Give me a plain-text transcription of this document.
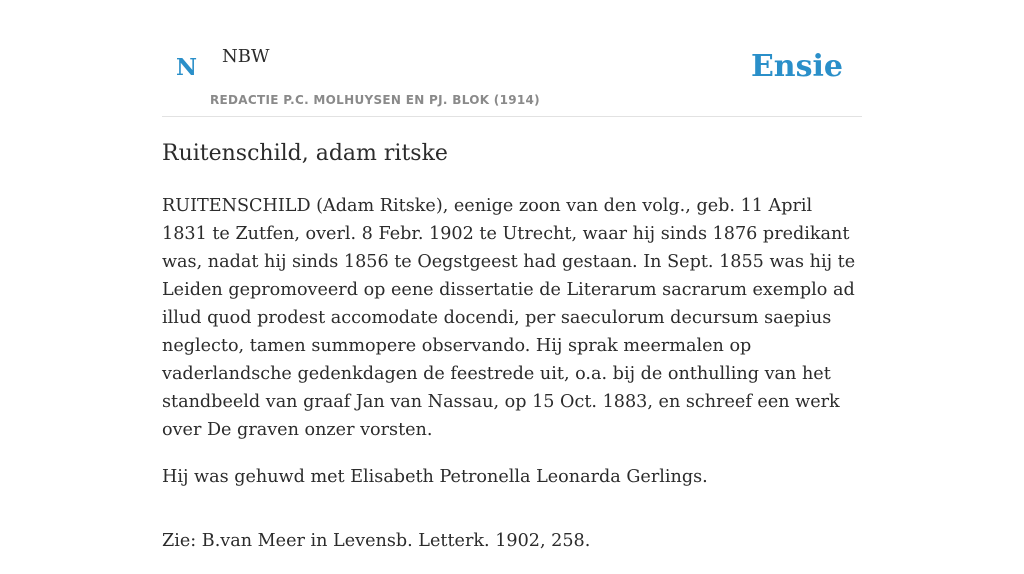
N NBW
REDACTIE P.C. MOLHUYSEN EN PJ. BLOK (1914)
Ensie
Ruitenschild, adam ritske

RUITENSCHILD (Adam Ritske), eenige zoon van den volg., geb. 11 April 1831 te Zutfen, overl. 8 Febr. 1902 te Utrecht, waar hij sinds 1876 predikant was, nadat hij sinds 1856 te Oegstgeest had gestaan. In Sept. 1855 was hij te Leiden gepromoveerd op eene dissertatie de Literarum sacrarum exemplo ad illud quod prodest accomodate docendi, per saeculorum decursum saepius neglecto, tamen summopere observando. Hij sprak meermalen op vaderlandsche gedenkdagen de feestrede uit, o.a. bij de onthulling van het standbeeld van graaf Jan van Nassau, op 15 Oct. 1883, en schreef een werk over De graven onzer vorsten.

Hij was gehuwd met Elisabeth Petronella Leonarda Gerlings.

Zie: B.van Meer in Levensb. Letterk. 1902, 258.
